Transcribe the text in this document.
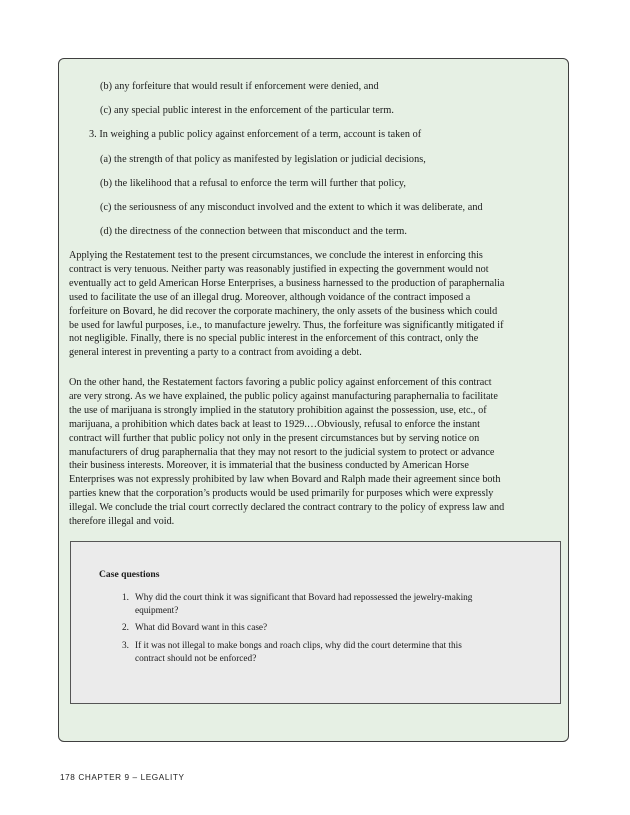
(b) any forfeiture that would result if enforcement were denied, and
(c) any special public interest in the enforcement of the particular term.
3. In weighing a public policy against enforcement of a term, account is taken of
(a) the strength of that policy as manifested by legislation or judicial decisions,
(b) the likelihood that a refusal to enforce the term will further that policy,
(c) the seriousness of any misconduct involved and the extent to which it was deliberate, and
(d) the directness of the connection between that misconduct and the term.
Applying the Restatement test to the present circumstances, we conclude the interest in enforcing this
contract is very tenuous. Neither party was reasonably justified in expecting the government would not
eventually act to geld American Horse Enterprises, a business harnessed to the production of paraphernalia
used to facilitate the use of an illegal drug. Moreover, although voidance of the contract imposed a
forfeiture on Bovard, he did recover the corporate machinery, the only assets of the business which could
be used for lawful purposes, i.e., to manufacture jewelry. Thus, the forfeiture was significantly mitigated if
not negligible. Finally, there is no special public interest in the enforcement of this contract, only the
general interest in preventing a party to a contract from avoiding a debt.
On the other hand, the Restatement factors favoring a public policy against enforcement of this contract
are very strong. As we have explained, the public policy against manufacturing paraphernalia to facilitate
the use of marijuana is strongly implied in the statutory prohibition against the possession, use, etc., of
marijuana, a prohibition which dates back at least to 1929.…Obviously, refusal to enforce the instant
contract will further that public policy not only in the present circumstances but by serving notice on
manufacturers of drug paraphernalia that they may not resort to the judicial system to protect or advance
their business interests. Moreover, it is immaterial that the business conducted by American Horse
Enterprises was not expressly prohibited by law when Bovard and Ralph made their agreement since both
parties knew that the corporation’s products would be used primarily for purposes which were expressly
illegal. We conclude the trial court correctly declared the contract contrary to the policy of express law and
therefore illegal and void.
Case questions
1. Why did the court think it was significant that Bovard had repossessed the jewelry-making
equipment?
2. What did Bovard want in this case?
3. If it was not illegal to make bongs and roach clips, why did the court determine that this
contract should not be enforced?
178 CHAPTER 9 – LEGALITY
